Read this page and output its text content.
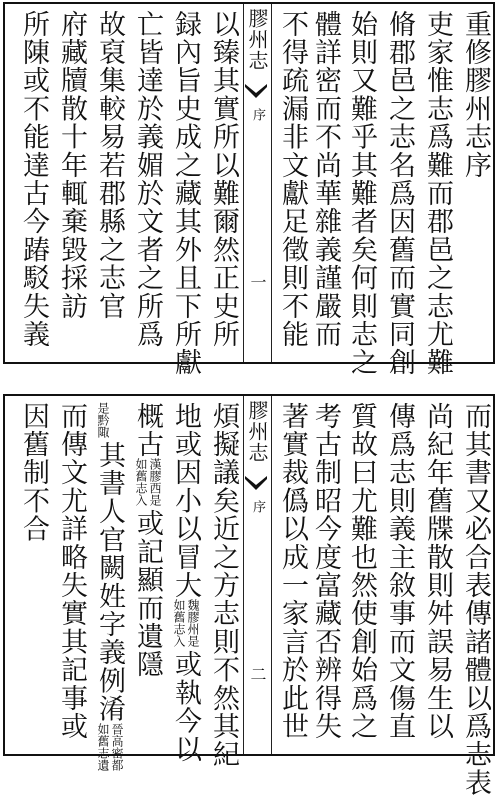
膠州志
序
一
重修膠州志序
吏家惟志爲難而郡邑之志尤難
脩郡邑之志名爲因舊而實同創
始則又難乎其難者矣何則志之
體詳密而不尚華雜義謹嚴而
不得疏漏非文獻足徵則不能
以臻其實所以難爾然正史所
録內旨史成之藏其外且下所獻
亡皆達於義媚於文者之所爲
故裒集較易若郡縣之志官
府藏牘散十年輒棄毀採訪
所陳或不能達古今踳駁失義
膠州志
序
二	而其書又必合表傳諸體以爲志表
尚紀年舊牒散則舛誤易生以
傳爲志則義主敘事而文傷直
質故曰尤難也然使創始爲之
考古制昭今度富藏否辨得失
著實裁僞以成一家言於此世
煩擬議矣近之方志則不然其紀
地或因小以冒大如舊志入魏膠州是或執今以
概古如舊志入漢膠西是或記顯而遺隱
是黔陬其書人官闕姓字義例淆如舊志遺晉高密都
而傳文尤詳略失實其記事或
因舊制不合
